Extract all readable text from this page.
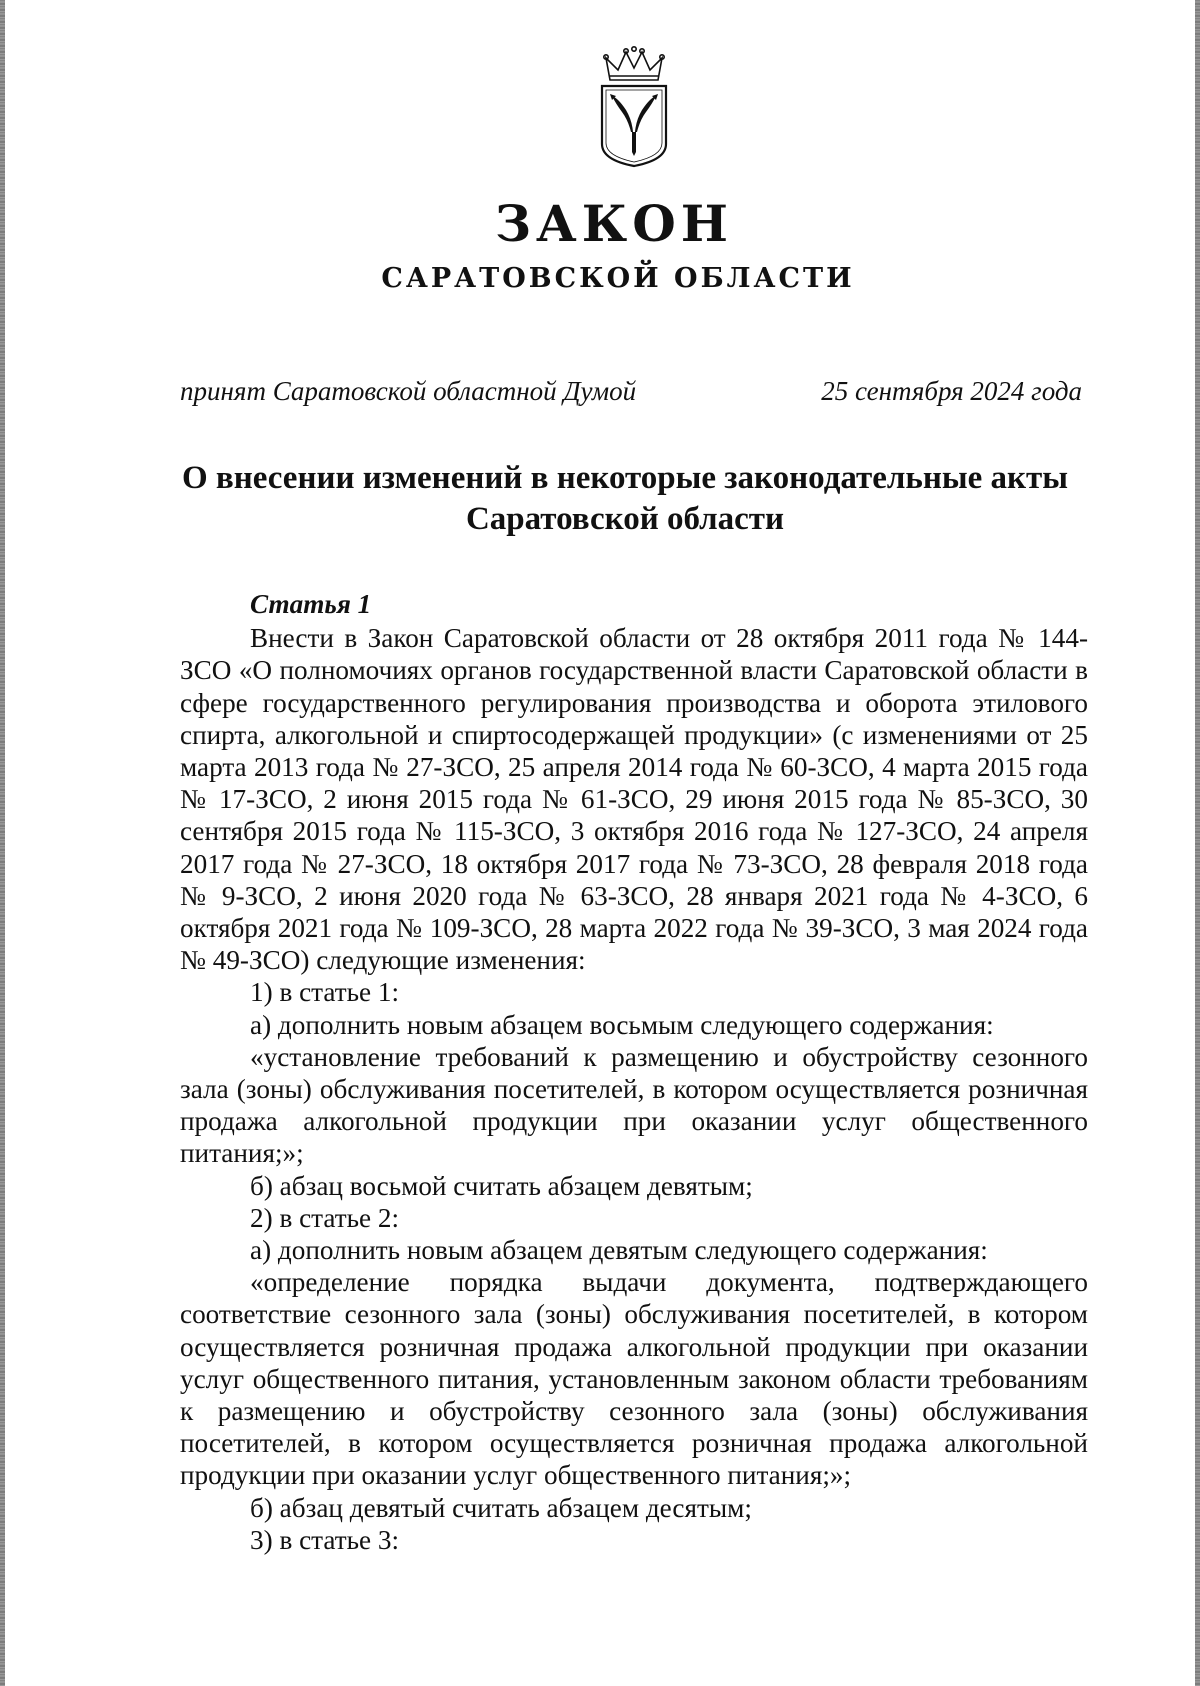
ЗАКОН
САРАТОВСКОЙ ОБЛАСТИ
принят Саратовской областной Думой	25 сентября 2024 года
О внесении изменений в некоторые законодательные акты Саратовской области
Статья 1

Внести в Закон Саратовской области от 28 октября 2011 года № 144-ЗСО «О полномочиях органов государственной власти Саратовской области в сфере государственного регулирования производства и оборота этилового спирта, алкогольной и спиртосодержащей продукции» (с изменениями от 25 марта 2013 года № 27-ЗСО, 25 апреля 2014 года № 60-ЗСО, 4 марта 2015 года № 17-ЗСО, 2 июня 2015 года № 61-ЗСО, 29 июня 2015 года № 85-ЗСО, 30 сентября 2015 года № 115-ЗСО, 3 октября 2016 года № 127-ЗСО, 24 апреля 2017 года № 27-ЗСО, 18 октября 2017 года № 73-ЗСО, 28 февраля 2018 года № 9-ЗСО, 2 июня 2020 года № 63-ЗСО, 28 января 2021 года № 4-ЗСО, 6 октября 2021 года № 109-ЗСО, 28 марта 2022 года № 39-ЗСО, 3 мая 2024 года № 49-ЗСО) следующие изменения:

1) в статье 1:

а) дополнить новым абзацем восьмым следующего содержания:

«установление требований к размещению и обустройству сезонного зала (зоны) обслуживания посетителей, в котором осуществляется розничная продажа алкогольной продукции при оказании услуг общественного питания;»;

б) абзац восьмой считать абзацем девятым;

2) в статье 2:

а) дополнить новым абзацем девятым следующего содержания:

«определение порядка выдачи документа, подтверждающего соответствие сезонного зала (зоны) обслуживания посетителей, в котором осуществляется розничная продажа алкогольной продукции при оказании услуг общественного питания, установленным законом области требованиям к размещению и обустройству сезонного зала (зоны) обслуживания посетителей, в котором осуществляется розничная продажа алкогольной продукции при оказании услуг общественного питания;»;

б) абзац девятый считать абзацем десятым;

3) в статье 3:
